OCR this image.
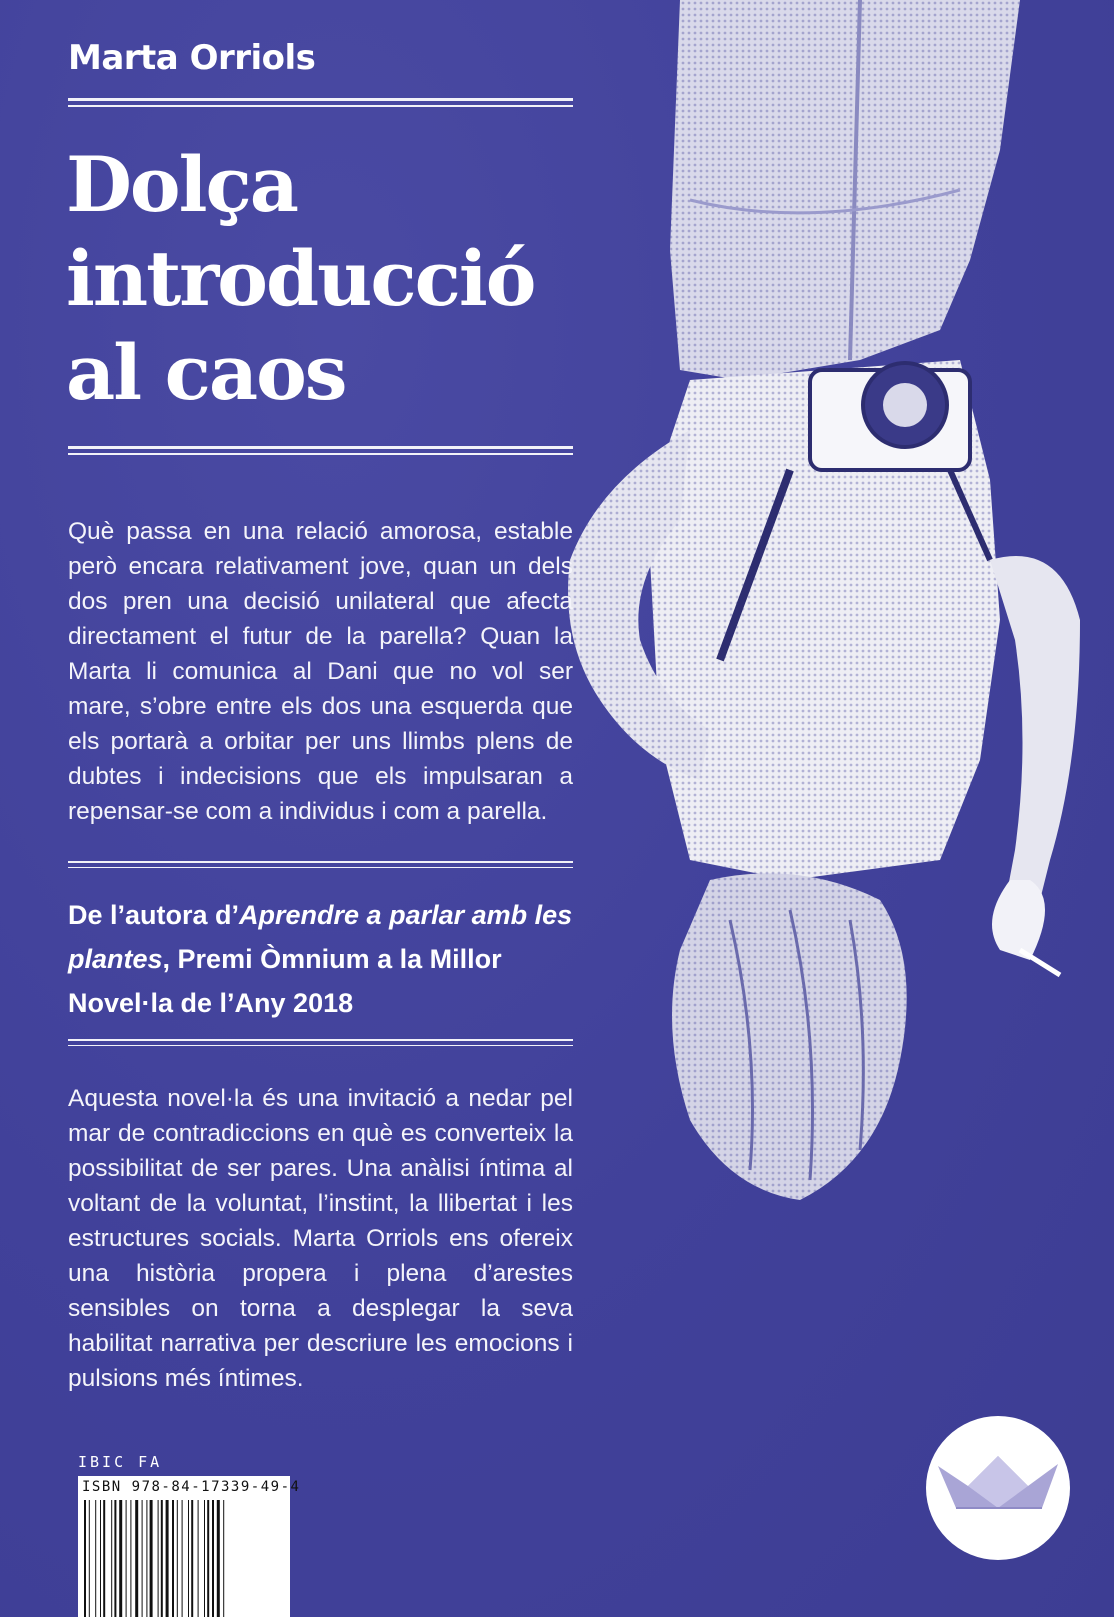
Marta Orriols
Dolça
introducció
al caos
Què passa en una relació amorosa, estable però encara relativament jove, quan un dels dos pren una decisió unilateral que afecta directament el futur de la parella? Quan la Marta li comunica al Dani que no vol ser mare, s’obre entre els dos una esquerda que els portarà a orbitar per uns llimbs plens de dubtes i indecisions que els impulsaran a repensar-se com a individus i com a parella.
De l’autora d’Aprendre a parlar amb les plantes, Premi Òmnium a la Millor Novel·la de l’Any 2018
Aquesta novel·la és una invitació a nedar pel mar de contradiccions en què es converteix la possibilitat de ser pares. Una anàlisi íntima al voltant de la voluntat, l’instint, la llibertat i les estructures socials. Marta Orriols ens ofereix una història propera i plena d’arestes sensibles on torna a desplegar la seva habilitat narrativa per descriure les emocions i pulsions més íntimes.
IBIC FA
ISBN 978-84-17339-49-4
